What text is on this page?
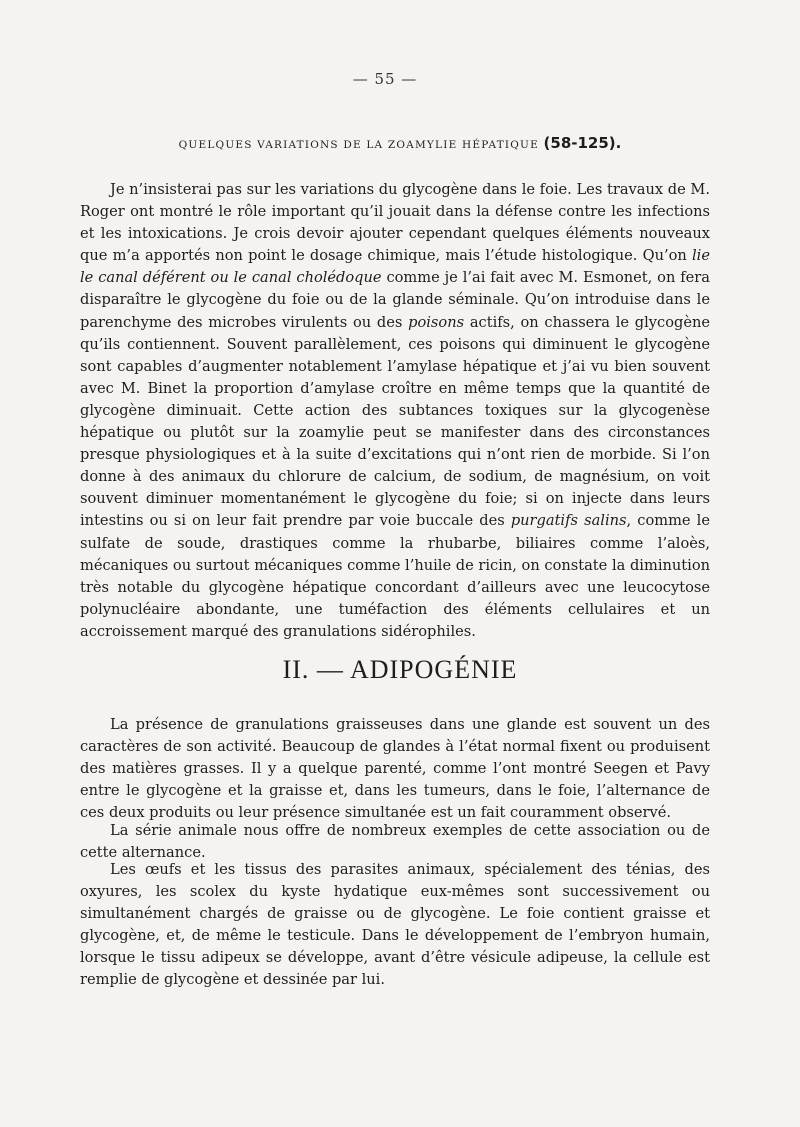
— 55 —
QUELQUES VARIATIONS DE LA ZOAMYLIE HÉPATIQUE (58-125).

Je n’insisterai pas sur les variations du glycogène dans le foie. Les travaux de M. Roger ont montré le rôle important qu’il jouait dans la défense contre les infections et les intoxications. Je crois devoir ajouter cependant quelques éléments nouveaux que m’a apportés non point le dosage chimique, mais l’étude histologique. Qu’on lie le canal déférent ou le canal cholédoque comme je l’ai fait avec M. Esmonet, on fera disparaître le glycogène du foie ou de la glande séminale. Qu’on introduise dans le parenchyme des microbes virulents ou des poisons actifs, on chassera le glycogène qu’ils contiennent. Souvent parallèlement, ces poisons qui diminuent le glycogène sont capables d’augmenter notablement l’amylase hépatique et j’ai vu bien souvent avec M. Binet la proportion d’amylase croître en même temps que la quantité de glycogène diminuait. Cette action des subtances toxiques sur la glycogenèse hépatique ou plutôt sur la zoamylie peut se manifester dans des circonstances presque physiologiques et à la suite d’excitations qui n’ont rien de morbide. Si l’on donne à des animaux du chlorure de calcium, de sodium, de magnésium, on voit souvent diminuer momentanément le glycogène du foie; si on injecte dans leurs intestins ou si on leur fait prendre par voie buccale des purgatifs salins, comme le sulfate de soude, drastiques comme la rhubarbe, biliaires comme l’aloès, mécaniques ou surtout mécaniques comme l’huile de ricin, on constate la diminution très notable du glycogène hépatique concordant d’ailleurs avec une leucocytose polynucléaire abondante, une tuméfaction des éléments cellulaires et un accroissement marqué des granulations sidérophiles.

II. — ADIPOGÉNIE

La présence de granulations graisseuses dans une glande est souvent un des caractères de son activité. Beaucoup de glandes à l’état normal fixent ou produisent des matières grasses. Il y a quelque parenté, comme l’ont montré Seegen et Pavy entre le glycogène et la graisse et, dans les tumeurs, dans le foie, l’alternance de ces deux produits ou leur présence simultanée est un fait couramment observé.

La série animale nous offre de nombreux exemples de cette association ou de cette alternance.

Les œufs et les tissus des parasites animaux, spécialement des ténias, des oxyures, les scolex du kyste hydatique eux-mêmes sont successivement ou simultanément chargés de graisse ou de glycogène. Le foie contient graisse et glycogène, et, de même le testicule. Dans le développement de l’embryon humain, lorsque le tissu adipeux se développe, avant d’être vésicule adipeuse, la cellule est remplie de glycogène et dessinée par lui.
